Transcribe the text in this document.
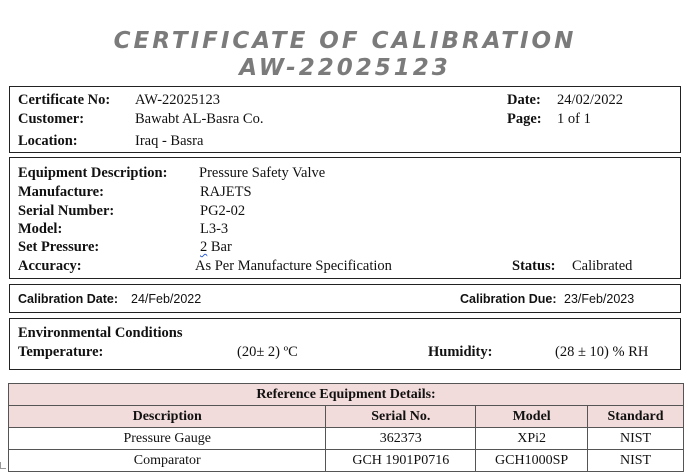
CERTIFICATE OF CALIBRATION
AW-22025123
Certificate No: AW-22025123
Customer:	Bawabt AL-Basra Co.
Location:	Iraq - Basra
Date: 24/02/2022
Page: 1 of 1
Equipment Description: Pressure Safety Valve
Manufacture:	RAJETS
Serial Number:	PG2-02
Model:	L3-3
Set Pressure:	2 Bar
Accuracy:	As Per Manufacture Specification	Status: Calibrated
Calibration Date: 24/Feb/2022	Calibration Due: 23/Feb/2023
Environmental Conditions
Temperature:	(20± 2) ºC	Humidity:	(28 ± 10) % RH
Reference Equipment Details:			
Description	Serial No.	Model	Standard
Pressure Gauge	362373	XPi2	NIST
Comparator	GCH 1901P0716	GCH1000SP	NIST
